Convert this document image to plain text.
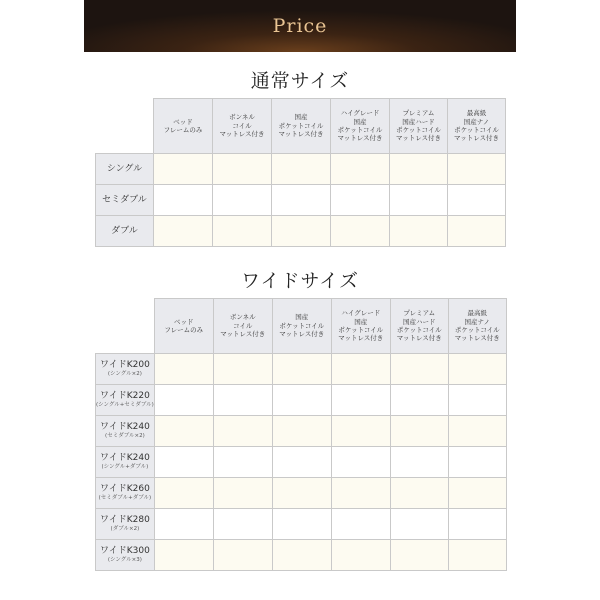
Price
通常サイズ

	ベッド
フレームのみ	ボンネル
コイル
マットレス付き	国産
ポケットコイル
マットレス付き	ハイグレード
国産
ポケットコイル
マットレス付き	プレミアム
国産ハード
ポケットコイル
マットレス付き	最高級
国産ナノ
ポケットコイル
マットレス付き

シングル						

セミダブル						

ダブル						

ワイドサイズ

	ベッド
フレームのみ	ボンネル
コイル
マットレス付き	国産
ポケットコイル
マットレス付き	ハイグレード
国産
ポケットコイル
マットレス付き	プレミアム
国産ハード
ポケットコイル
マットレス付き	最高級
国産ナノ
ポケットコイル
マットレス付き

ワイドK200
(シングル×2)						

ワイドK220
(シングル+セミダブル)						

ワイドK240
(セミダブル×2)						

ワイドK240
(シングル+ダブル)						

ワイドK260
(セミダブル+ダブル)						

ワイドK280
(ダブル×2)						

ワイドK300
(シングル×3)						
